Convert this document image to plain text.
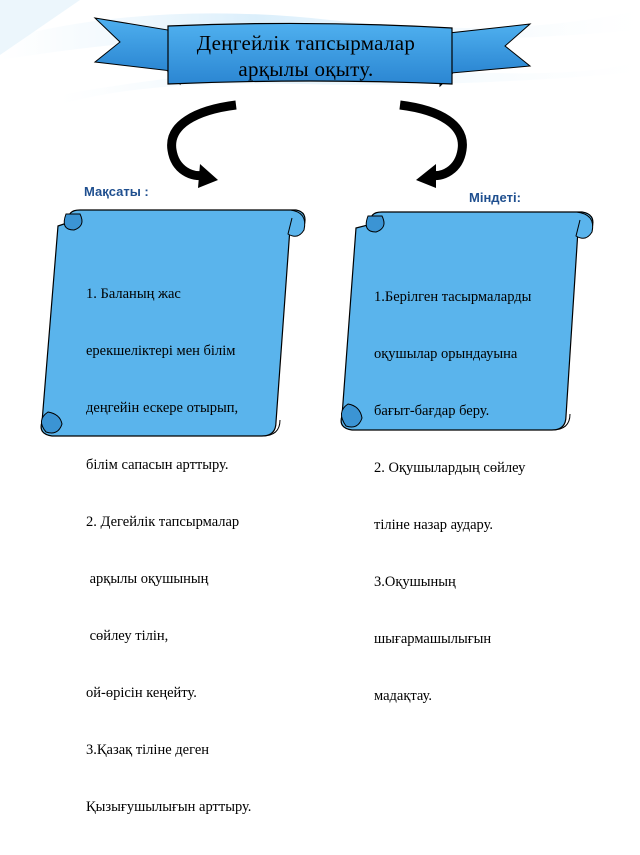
Деңгейлік тапсырмалар
арқылы оқыту.
Мақсаты :	Міндеті:

1. Баланың жас

ерекшеліктері мен білім

деңгейін ескере отырып,

білім сапасын арттыру.

2. Дегейлік тапсырмалар

арқылы оқушының

сөйлеу тілін,

ой-өрісін кеңейту.

3.Қазақ тіліне деген

Қызығушылығын арттыру.

1.Берілген тасырмаларды

оқушылар орындауына

бағыт-бағдар беру.

2. Оқушылардың сөйлеу

тіліне назар аудару.

3.Оқушының

шығармашылығын

мадақтау.
